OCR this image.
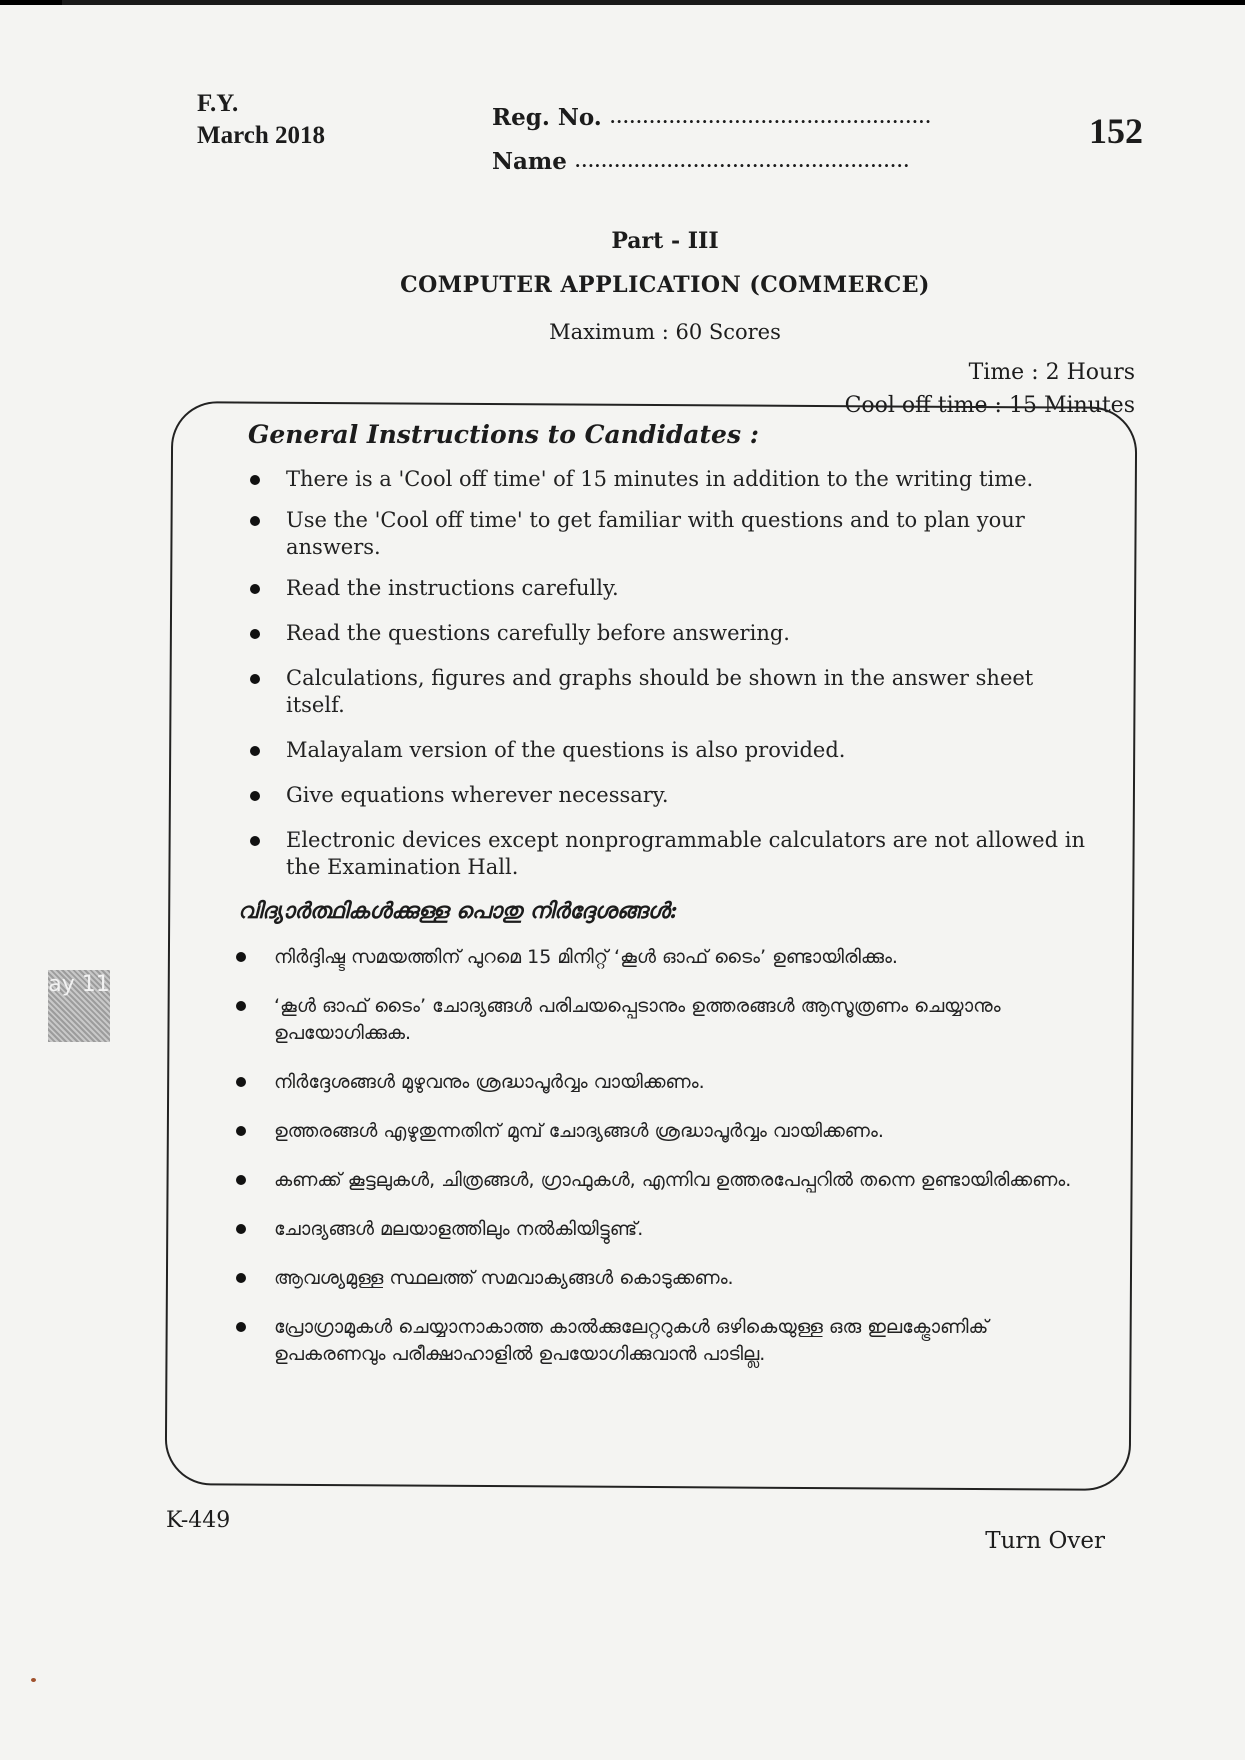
F.Y.
March 2018
Reg. No. .................................................
Name ...................................................
152
Part - III
COMPUTER APPLICATION (COMMERCE)
Maximum : 60 Scores
Time : 2 Hours
Cool off time : 15 Minutes
General Instructions to Candidates :
There is a 'Cool off time' of 15 minutes in addition to the writing time.
Use the 'Cool off time' to get familiar with questions and to plan your answers.
Read the instructions carefully.
Read the questions carefully before answering.
Calculations, figures and graphs should be shown in the answer sheet itself.
Malayalam version of the questions is also provided.
Give equations wherever necessary.
Electronic devices except nonprogrammable calculators are not allowed in the Examination Hall.
വിദ്യാർത്ഥികൾക്കുള്ള പൊതു നിർദ്ദേശങ്ങൾ:
നിർദ്ദിഷ്ട സമയത്തിന് പുറമെ 15 മിനിറ്റ് ‘കൂൾ ഓഫ് ടൈം’ ഉണ്ടായിരിക്കും.
‘കൂൾ ഓഫ് ടൈം’ ചോദ്യങ്ങൾ പരിചയപ്പെടാനും ഉത്തരങ്ങൾ ആസൂത്രണം ചെയ്യാനും ഉപയോഗിക്കുക.
നിർദ്ദേശങ്ങൾ മുഴുവനും ശ്രദ്ധാപൂർവ്വം വായിക്കണം.
ഉത്തരങ്ങൾ എഴുതുന്നതിന് മുമ്പ് ചോദ്യങ്ങൾ ശ്രദ്ധാപൂർവ്വം വായിക്കണം.
കണക്ക് കൂട്ടലുകൾ, ചിത്രങ്ങൾ, ഗ്രാഫുകൾ, എന്നിവ ഉത്തരപേപ്പറിൽ തന്നെ ഉണ്ടായിരിക്കണം.
ചോദ്യങ്ങൾ മലയാളത്തിലും നൽകിയിട്ടുണ്ട്.
ആവശ്യമുള്ള സ്ഥലത്ത് സമവാക്യങ്ങൾ കൊടുക്കണം.
പ്രോഗ്രാമുകൾ ചെയ്യാനാകാത്ത കാൽക്കുലേറ്ററുകൾ ഒഴികെയുള്ള ഒരു ഇലക്ട്രോണിക് ഉപകരണവും പരീക്ഷാഹാളിൽ ഉപയോഗിക്കുവാൻ പാടില്ല.
ay 11
K-449
Turn Over
